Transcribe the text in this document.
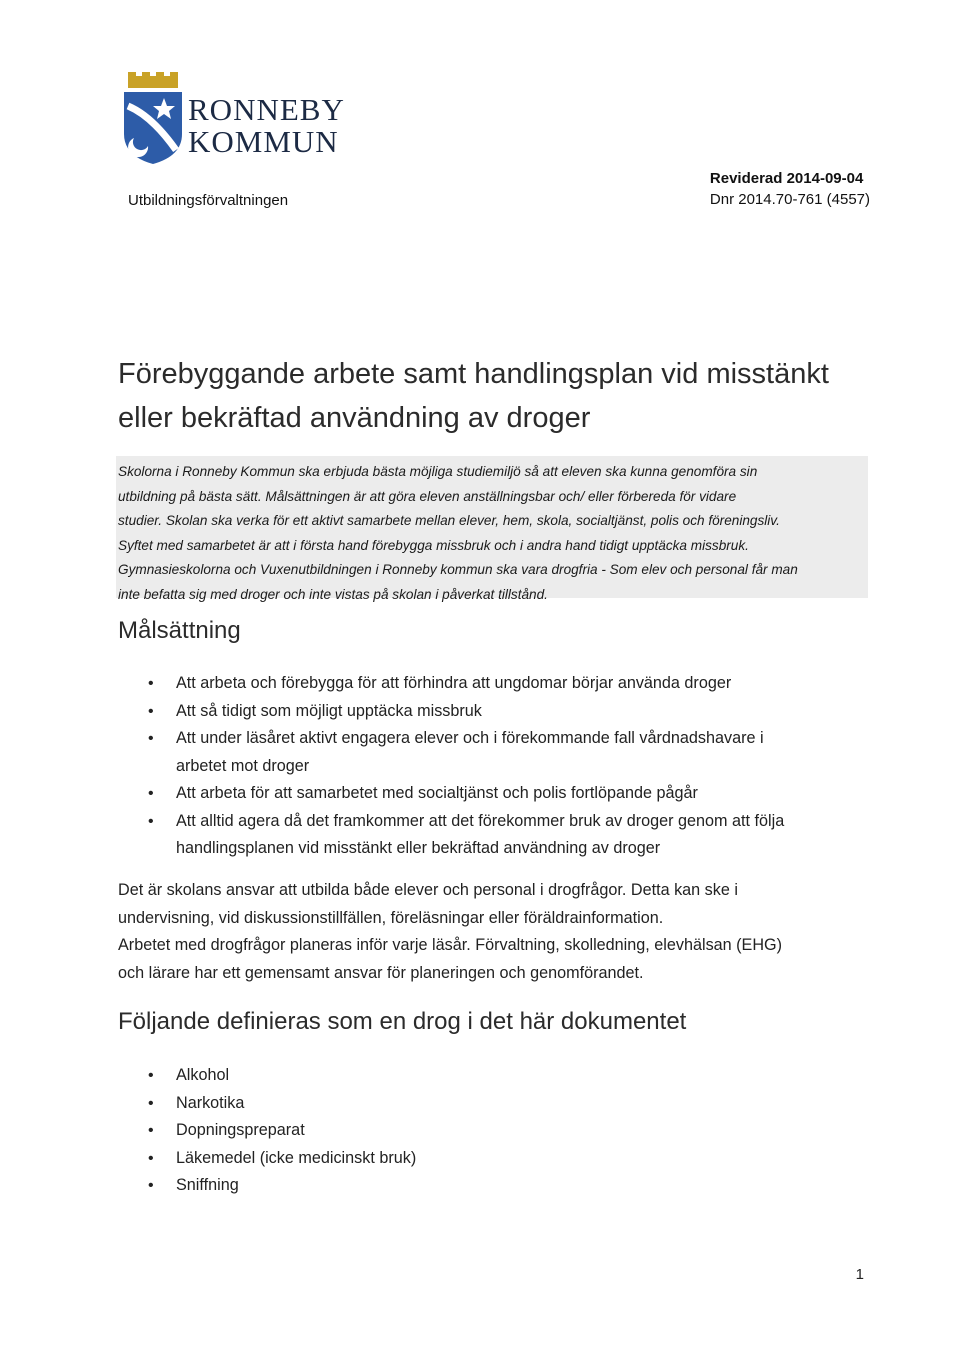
RONNEBY
KOMMUN
Utbildningsförvaltningen
Reviderad 2014-09-04
Dnr 2014.70-761 (4557)
Förebyggande arbete samt handlingsplan vid misstänkt
eller bekräftad användning av droger
Skolorna i Ronneby Kommun ska erbjuda bästa möjliga studiemiljö så att eleven ska kunna genomföra sin
utbildning på bästa sätt. Målsättningen är att göra eleven anställningsbar och/ eller förbereda för vidare
studier. Skolan ska verka för ett aktivt samarbete mellan elever, hem, skola, socialtjänst, polis och föreningsliv.
Syftet med samarbetet är att i första hand förebygga missbruk och i andra hand tidigt upptäcka missbruk.
Gymnasieskolorna och Vuxenutbildningen i Ronneby kommun ska vara drogfria - Som elev och personal får man
inte befatta sig med droger och inte vistas på skolan i påverkat tillstånd.
Målsättning
• Att arbeta och förebygga för att förhindra att ungdomar börjar använda droger
• Att så tidigt som möjligt upptäcka missbruk
• Att under läsåret aktivt engagera elever och i förekommande fall vårdnadshavare i
arbetet mot droger
• Att arbeta för att samarbetet med socialtjänst och polis fortlöpande pågår
• Att alltid agera då det framkommer att det förekommer bruk av droger genom att följa
handlingsplanen vid misstänkt eller bekräftad användning av droger
Det är skolans ansvar att utbilda både elever och personal i drogfrågor. Detta kan ske i
undervisning, vid diskussionstillfällen, föreläsningar eller föräldrainformation.
Arbetet med drogfrågor planeras inför varje läsår. Förvaltning, skolledning, elevhälsan (EHG)
och lärare har ett gemensamt ansvar för planeringen och genomförandet.
Följande definieras som en drog i det här dokumentet
• Alkohol
• Narkotika
• Dopningspreparat
• Läkemedel (icke medicinskt bruk)
• Sniffning
1
